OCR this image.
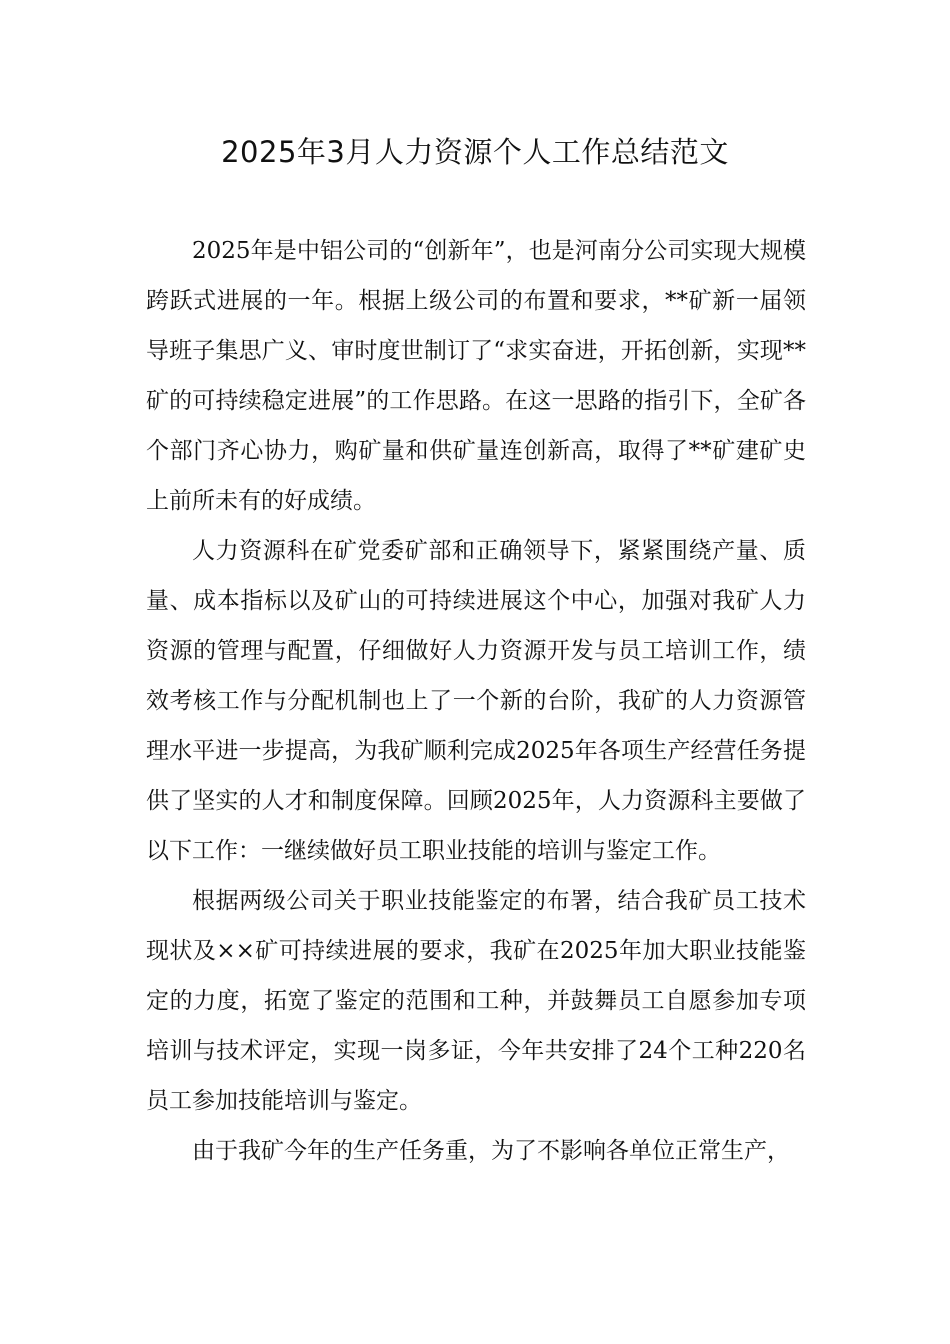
2025年3月人力资源个人工作总结范文

2025年是中铝公司的“创新年”，也是河南分公司实现大规模跨跃式进展的一年。根据上级公司的布置和要求，**矿新一届领导班子集思广义、审时度世制订了“求实奋进，开拓创新，实现**矿的可持续稳定进展”的工作思路。在这一思路的指引下，全矿各个部门齐心协力，购矿量和供矿量连创新高，取得了**矿建矿史上前所未有的好成绩。

人力资源科在矿党委矿部和正确领导下，紧紧围绕产量、质量、成本指标以及矿山的可持续进展这个中心，加强对我矿人力资源的管理与配置，仔细做好人力资源开发与员工培训工作，绩效考核工作与分配机制也上了一个新的台阶，我矿的人力资源管理水平进一步提高，为我矿顺利完成2025年各项生产经营任务提供了坚实的人才和制度保障。回顾2025年，人力资源科主要做了以下工作：一继续做好员工职业技能的培训与鉴定工作。

根据两级公司关于职业技能鉴定的布署，结合我矿员工技术现状及××矿可持续进展的要求，我矿在2025年加大职业技能鉴定的力度，拓宽了鉴定的范围和工种，并鼓舞员工自愿参加专项培训与技术评定，实现一岗多证，今年共安排了24个工种220名员工参加技能培训与鉴定。

由于我矿今年的生产任务重，为了不影响各单位正常生产，
